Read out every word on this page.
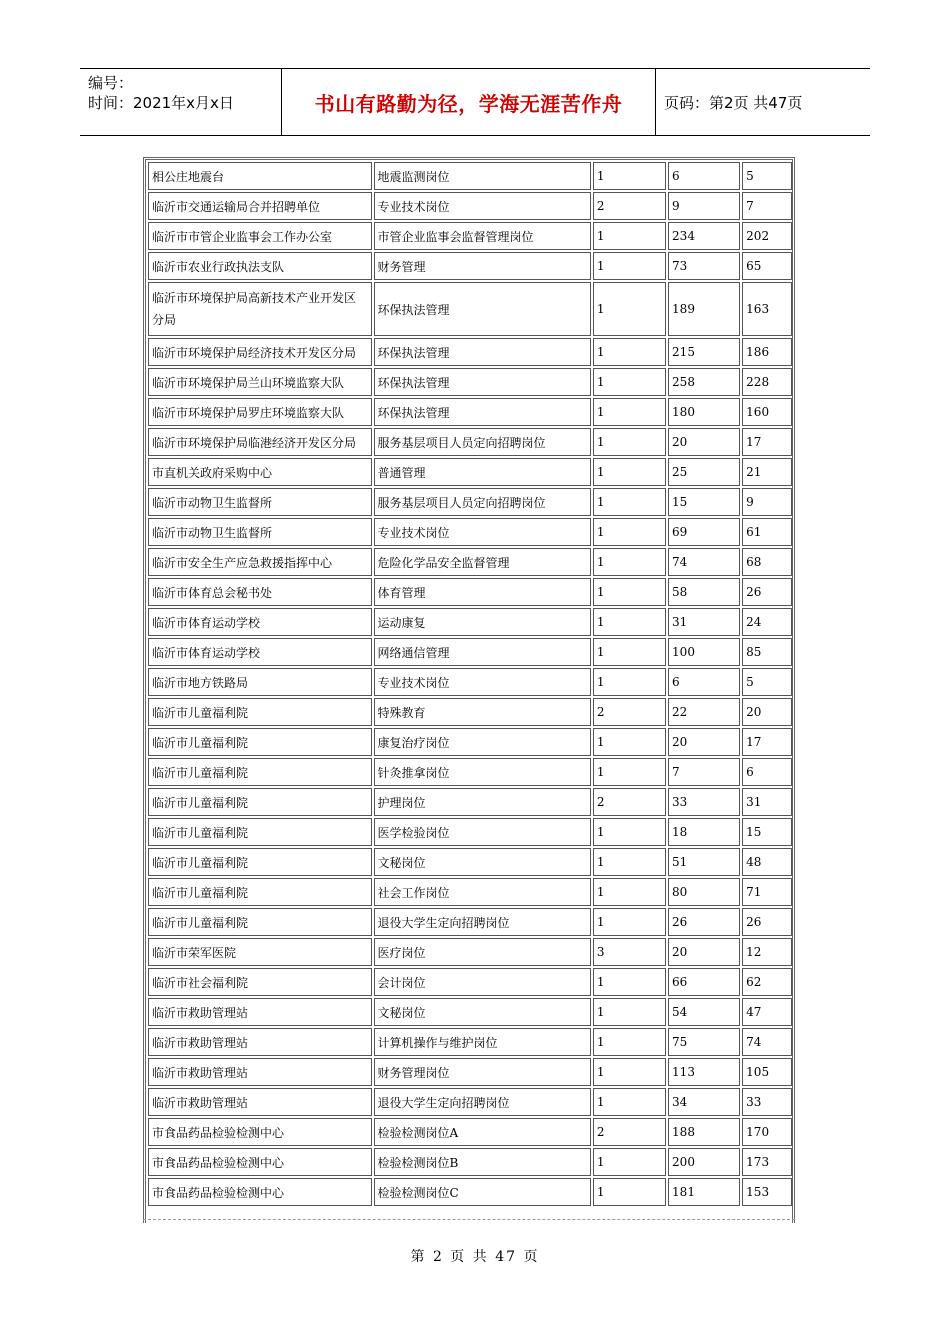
编号：
时间：2021年x月x日	书山有路勤为径，学海无涯苦作舟	页码：第2页 共47页
相公庄地震台	地震监测岗位	1	6	5
临沂市交通运输局合并招聘单位	专业技术岗位	2	9	7
临沂市市管企业监事会工作办公室	市管企业监事会监督管理岗位	1	234	202
临沂市农业行政执法支队	财务管理	1	73	65
临沂市环境保护局高新技术产业开发区分局	环保执法管理	1	189	163
临沂市环境保护局经济技术开发区分局	环保执法管理	1	215	186
临沂市环境保护局兰山环境监察大队	环保执法管理	1	258	228
临沂市环境保护局罗庄环境监察大队	环保执法管理	1	180	160
临沂市环境保护局临港经济开发区分局	服务基层项目人员定向招聘岗位	1	20	17
市直机关政府采购中心	普通管理	1	25	21
临沂市动物卫生监督所	服务基层项目人员定向招聘岗位	1	15	9
临沂市动物卫生监督所	专业技术岗位	1	69	61
临沂市安全生产应急救援指挥中心	危险化学品安全监督管理	1	74	68
临沂市体育总会秘书处	体育管理	1	58	26
临沂市体育运动学校	运动康复	1	31	24
临沂市体育运动学校	网络通信管理	1	100	85
临沂市地方铁路局	专业技术岗位	1	6	5
临沂市儿童福利院	特殊教育	2	22	20
临沂市儿童福利院	康复治疗岗位	1	20	17
临沂市儿童福利院	针灸推拿岗位	1	7	6
临沂市儿童福利院	护理岗位	2	33	31
临沂市儿童福利院	医学检验岗位	1	18	15
临沂市儿童福利院	文秘岗位	1	51	48
临沂市儿童福利院	社会工作岗位	1	80	71
临沂市儿童福利院	退役大学生定向招聘岗位	1	26	26
临沂市荣军医院	医疗岗位	3	20	12
临沂市社会福利院	会计岗位	1	66	62
临沂市救助管理站	文秘岗位	1	54	47
临沂市救助管理站	计算机操作与维护岗位	1	75	74
临沂市救助管理站	财务管理岗位	1	113	105
临沂市救助管理站	退役大学生定向招聘岗位	1	34	33
市食品药品检验检测中心	检验检测岗位A	2	188	170
市食品药品检验检测中心	检验检测岗位B	1	200	173
市食品药品检验检测中心	检验检测岗位C	1	181	153
第 2 页 共 47 页
